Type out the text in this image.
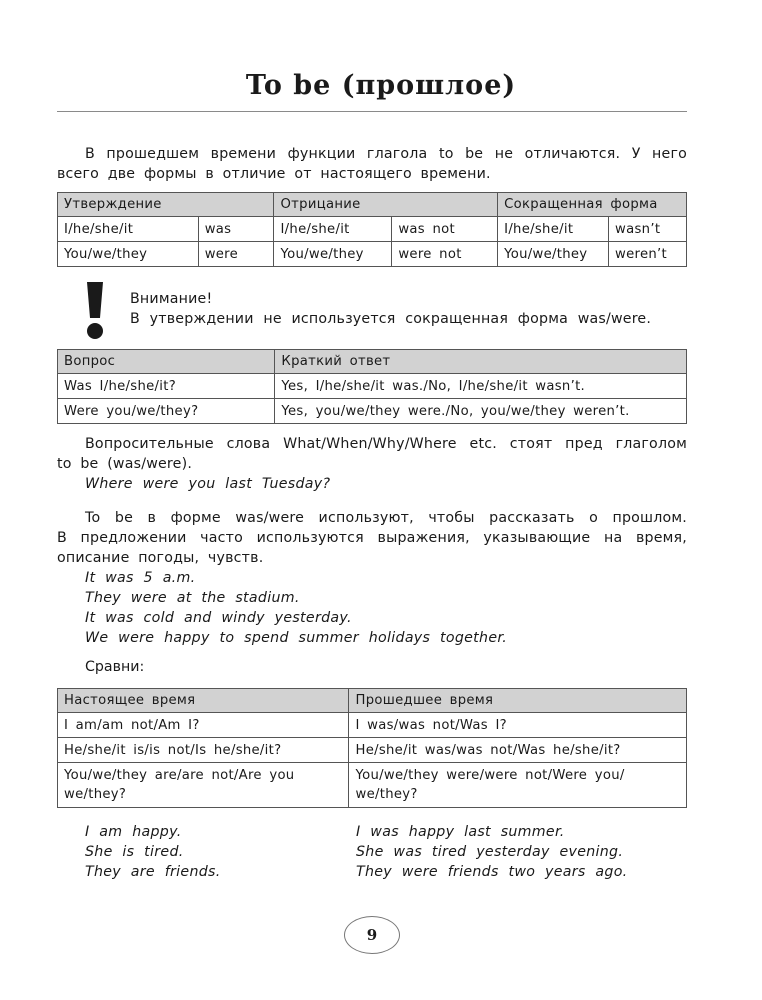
To be (прошлое)
В прошедшем времени функции глагола to be не отличаются. У него
всего две формы в отличие от настоящего времени.
Утверждение		Отрицание		Сокращенная форма	
I/he/she/it	was	I/he/she/it	was not	I/he/she/it	wasn’t
You/we/they	were	You/we/they	were not	You/we/they	weren’t
Внимание!
В утверждении не используется сокращенная форма was/were.
Вопрос	Краткий ответ
Was I/he/she/it?	Yes, I/he/she/it was./No, I/he/she/it wasn’t.
Were you/we/they?	Yes, you/we/they were./No, you/we/they weren’t.
Вопросительные слова What/When/Why/Where etc. стоят пред глаголом
to be (was/were).
Where were you last Tuesday?
To be в форме was/were используют, чтобы рассказать о прошлом.
В предложении часто используются выражения, указывающие на время,
описание погоды, чувств.
It was 5 a.m.
They were at the stadium.
It was cold and windy yesterday.
We were happy to spend summer holidays together.
Сравни:
Настоящее время	Прошедшее время
I am/am not/Am I?	I was/was not/Was I?
He/she/it is/is not/Is he/she/it?	He/she/it was/was not/Was he/she/it?
You/we/they are/are not/Are you we/they?	You/we/they were/were not/Were you/ we/they?
I am happy.
She is tired.
They are friends.
I was happy last summer.
She was tired yesterday evening.
They were friends two years ago.
9
